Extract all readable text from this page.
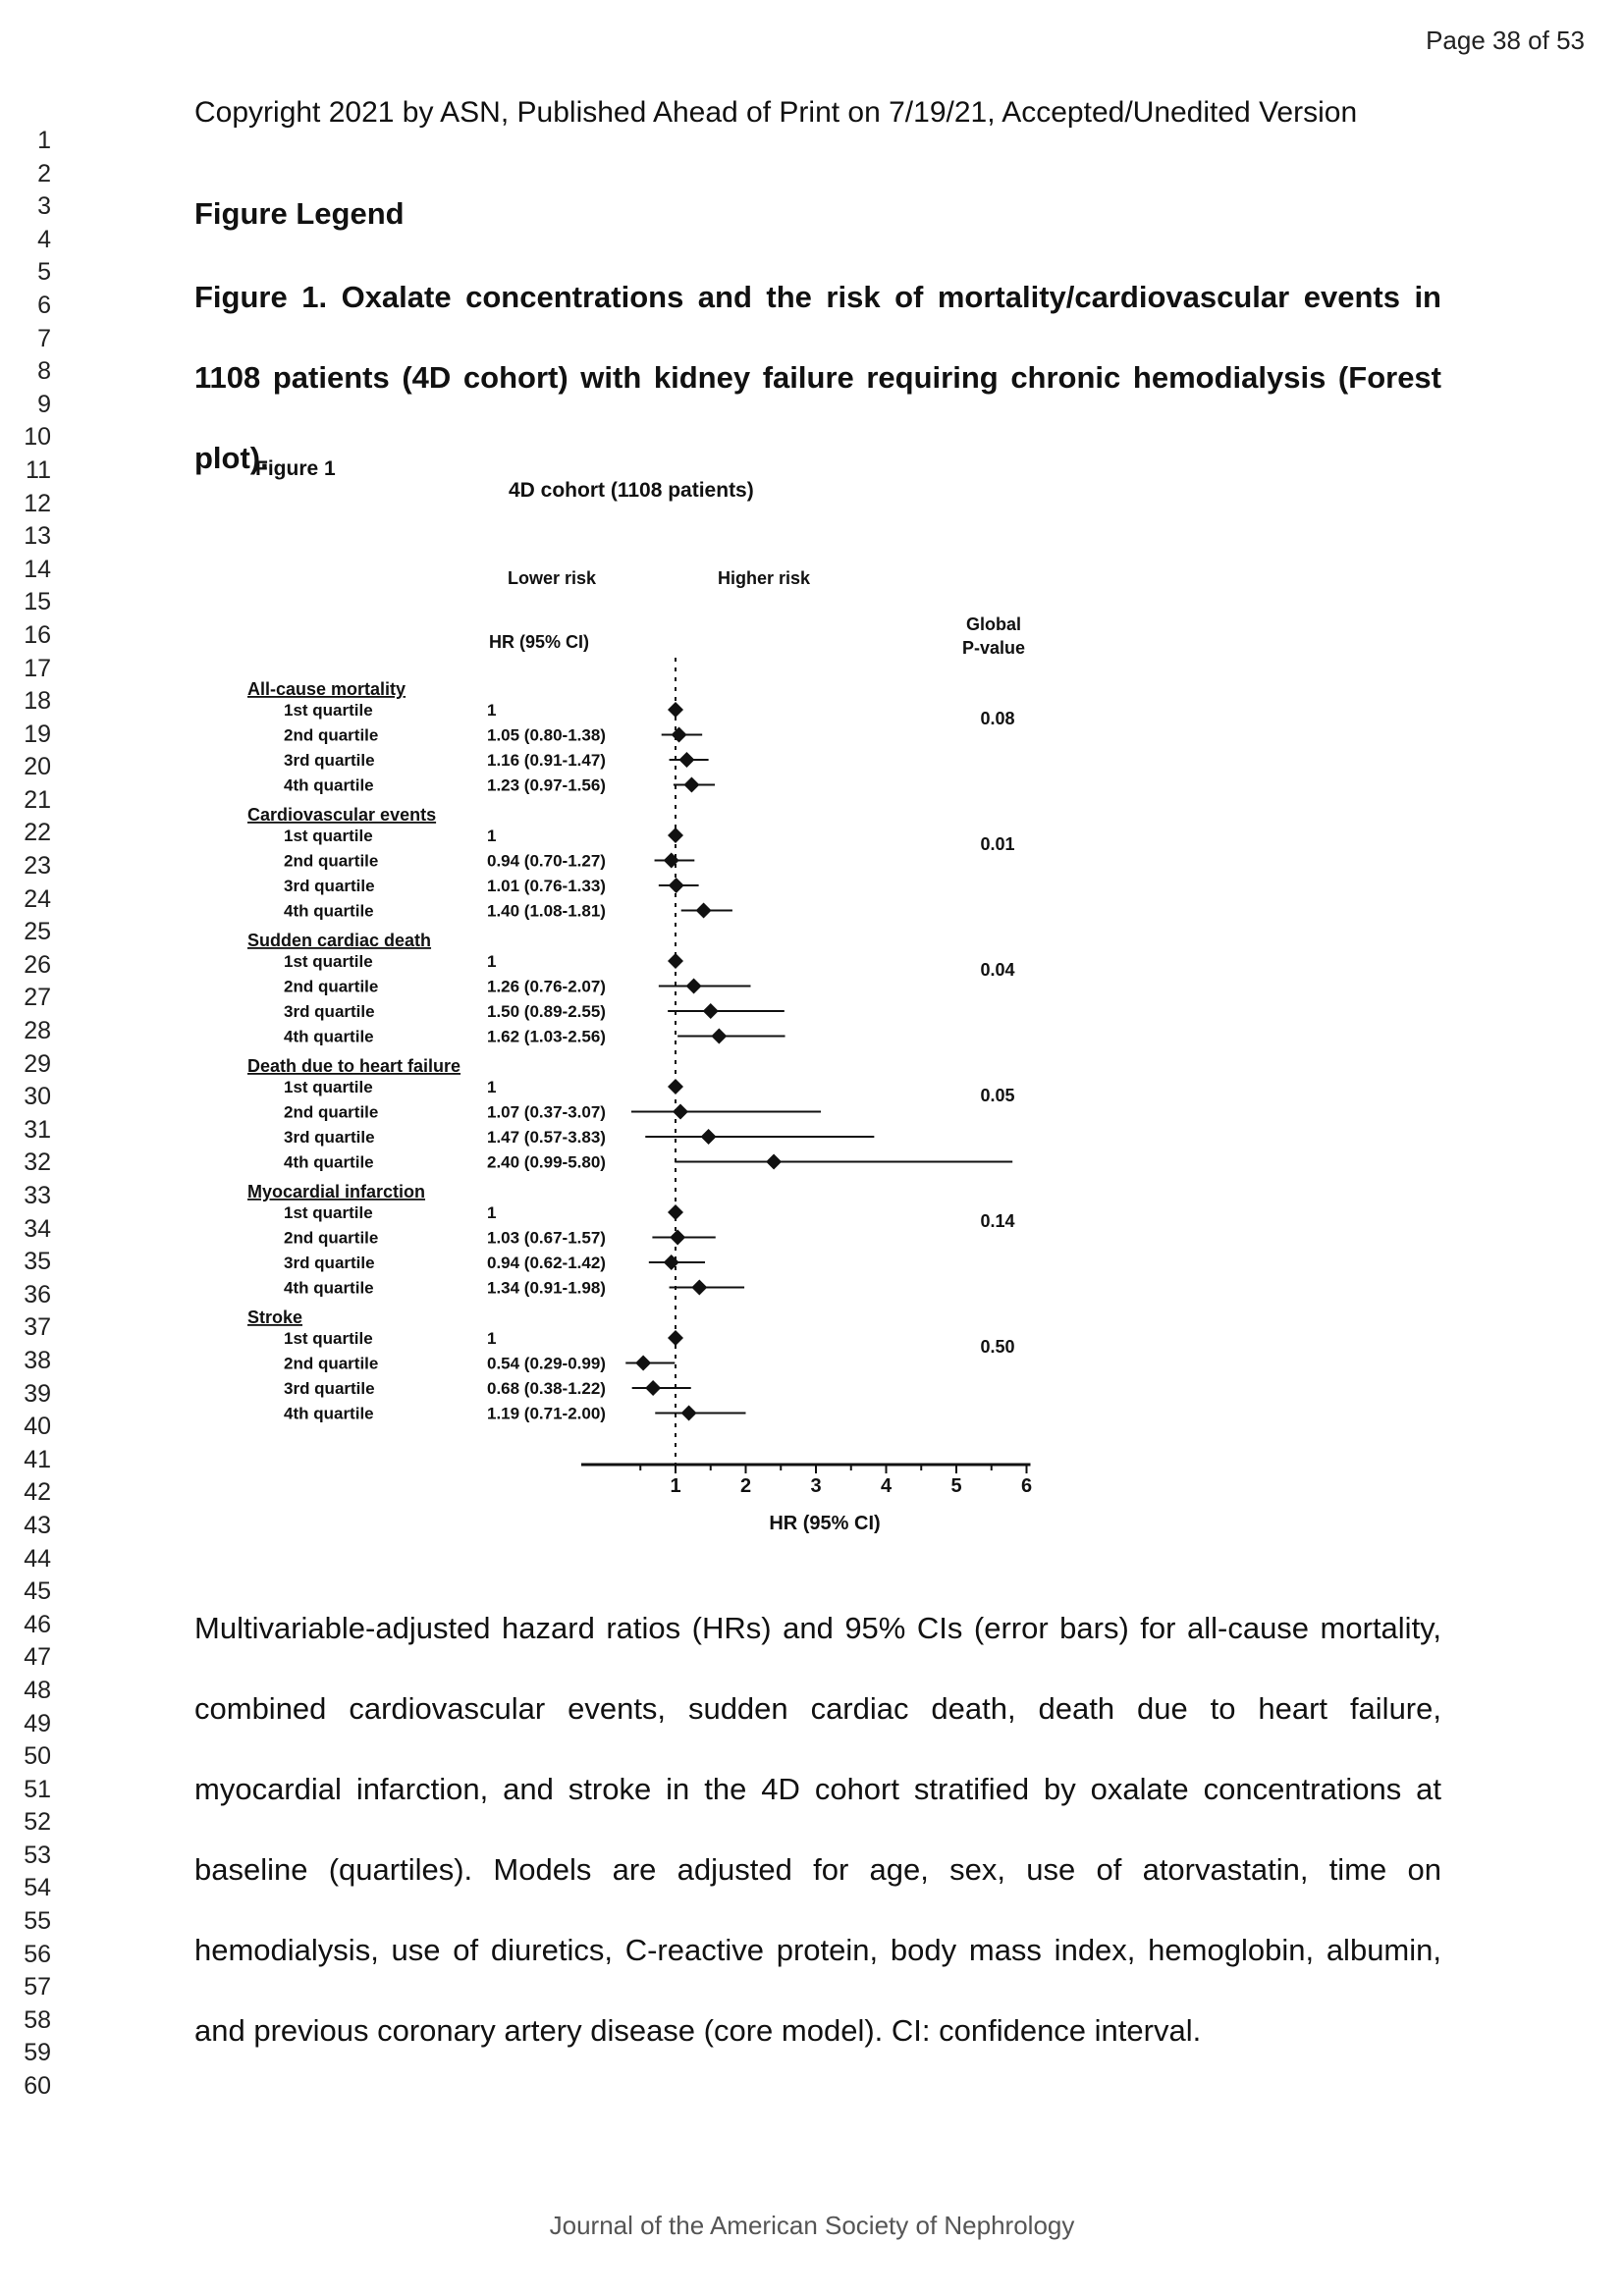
Page 38 of 53
1
2
3
4
5
6
7
8
9
10
11
12
13
14
15
16
17
18
19
20
21
22
23
24
25
26
27
28
29
30
31
32
33
34
35
36
37
38
39
40
41
42
43
44
45
46
47
48
49
50
51
52
53
54
55
56
57
58
59
60
Copyright 2021 by ASN, Published Ahead of Print on 7/19/21, Accepted/Unedited Version
Figure Legend

Figure 1. Oxalate concentrations and the risk of mortality/cardiovascular events in 1108 patients (4D cohort) with kidney failure requiring chronic hemodialysis (Forest plot).

Figure 1
4D cohort (1108 patients)
Lower risk	Higher risk
HR (95% CI)
Global
P-value
All-cause mortality
0.08
1st quartile	1
2nd quartile	1.05 (0.80-1.38)
3rd quartile	1.16 (0.91-1.47)
4th quartile	1.23 (0.97-1.56)
Cardiovascular events
0.01
1st quartile	1
2nd quartile	0.94 (0.70-1.27)
3rd quartile	1.01 (0.76-1.33)
4th quartile	1.40 (1.08-1.81)
Sudden cardiac death
0.04
1st quartile	1
2nd quartile	1.26 (0.76-2.07)
3rd quartile	1.50 (0.89-2.55)
4th quartile	1.62 (1.03-2.56)
Death due to heart failure
0.05
1st quartile	1
2nd quartile	1.07 (0.37-3.07)
3rd quartile	1.47 (0.57-3.83)
4th quartile	2.40 (0.99-5.80)
Myocardial infarction
0.14
1st quartile	1
2nd quartile	1.03 (0.67-1.57)
3rd quartile	0.94 (0.62-1.42)
4th quartile	1.34 (0.91-1.98)
Stroke
0.50
1st quartile	1
2nd quartile	0.54 (0.29-0.99)
3rd quartile	0.68 (0.38-1.22)
4th quartile	1.19 (0.71-2.00)
1	2	3	4	5	6
HR (95% CI)

Multivariable-adjusted hazard ratios (HRs) and 95% CIs (error bars) for all-cause mortality, combined cardiovascular events, sudden cardiac death, death due to heart failure, myocardial infarction, and stroke in the 4D cohort stratified by oxalate concentrations at baseline (quartiles). Models are adjusted for age, sex, use of atorvastatin, time on hemodialysis, use of diuretics, C-reactive protein, body mass index, hemoglobin, albumin, and previous coronary artery disease (core model). CI: confidence interval.

Journal of the American Society of Nephrology
